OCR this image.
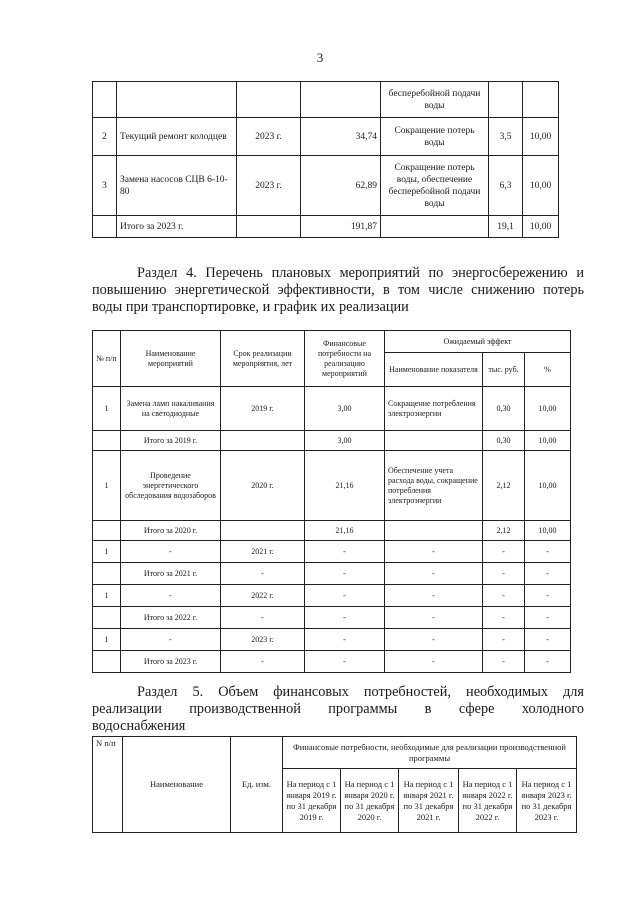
3
				бесперебойной подачи воды		
2	Текущий ремонт колодцев	2023 г.	34,74	Сокращение потерь воды	3,5	10,00
3	Замена насосов СЦВ 6-10-80	2023 г.	62,89	Сокращение потерь воды, обеспечение бесперебойной подачи воды	6,3	10,00
	Итого за 2023 г.		191,87		19,1	10,00
Раздел 4. Перечень плановых мероприятий по энергосбережению и
повышению энергетической эффективности, в том числе снижению потерь
воды при транспортировке, и график их реализации
№ п/п	Наименование мероприятий	Срок реализации мероприятия, лет	Финансовые потребности на реализацию мероприятий	Ожидаемый эффект		
				Наименование показателя	тыс. руб.	%
1	Замена ламп накаливания на светодиодные	2019 г.	3,00	Сокращение потребления электроэнергии	0,30	10,00
	Итого за 2019 г.		3,00		0,30	10,00
1	Проведение энергетического обследования водозаборов	2020 г.	21,16	Обеспечение учета расхода воды, сокращение потребления электроэнергии	2,12	10,00
	Итого за 2020 г.		21,16		2,12	10,00
1	-	2021 г.	-	-	-	-
	Итого за 2021 г.	-	-	-	-	-
1	-	2022 г.	-	-	-	-
	Итого за 2022 г.	-	-	-	-	-
1	-	2023 г.	-	-	-	-
	Итого за 2023 г.	-	-	-	-	-
Раздел 5. Объем финансовых потребностей, необходимых для
реализации производственной программы в сфере холодного
водоснабжения
N п/п	Наименование	Ед. изм.	Финансовые потребности, необходимые для реализации производственной программы				
			На период с 1 января 2019 г. по 31 декабря 2019 г.	На период с 1 января 2020 г. по 31 декабря 2020 г.	На период с 1 января 2021 г. по 31 декабря 2021 г.	На период с 1 января 2022 г. по 31 декабря 2022 г.	На период с 1 января 2023 г. по 31 декабря 2023 г.
